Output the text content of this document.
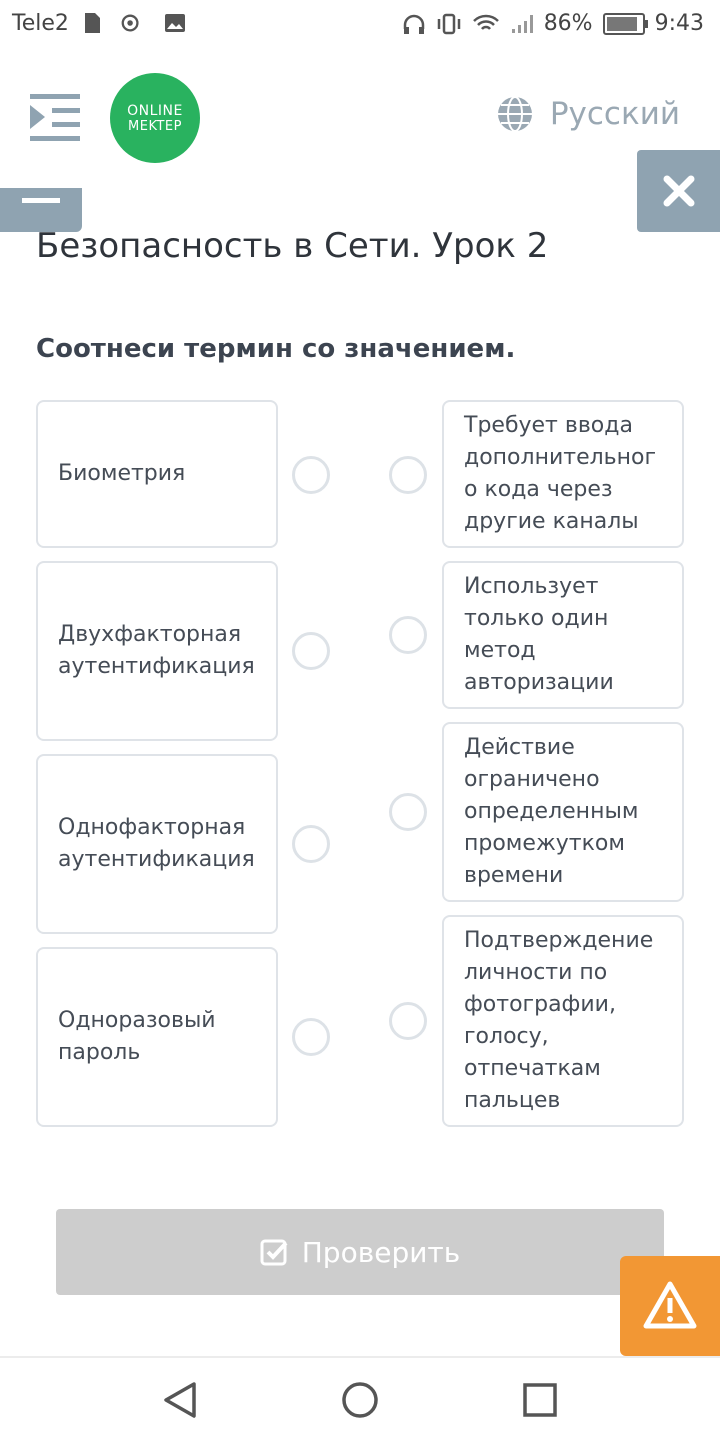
Tele2	86%	9:43
ONLINE
MEKTEP	Русский
Безопасность в Сети. Урок 2
Соотнеси термин со значением.
Биометрия
Двухфакторная аутентификация
Однофакторная аутентификация
Одноразовый пароль
Требует ввода дополнительног о кода через другие каналы
Использует только один метод авторизации
Действие ограничено определенным промежутком времени
Подтверждение личности по фотографии, голосу, отпечаткам пальцев
Проверить
